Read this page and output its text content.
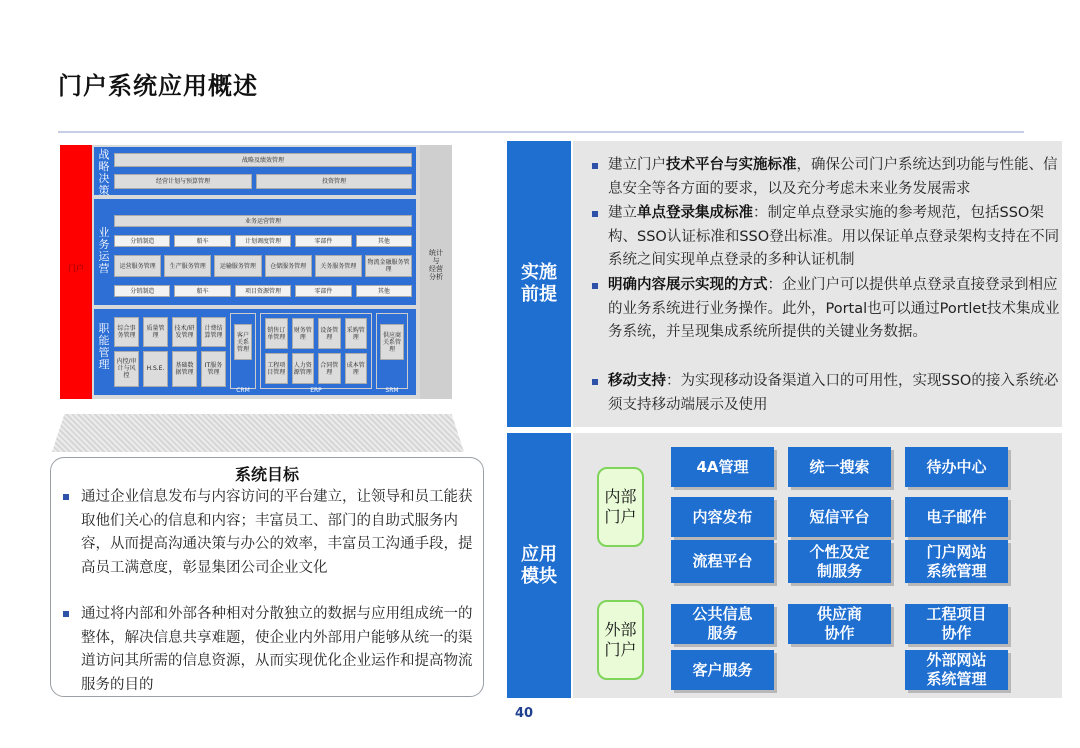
门户系统应用概述
门户
战略决策
战略及绩效管理
经营计划与预算管理	投资管理
业务运营
业务运营管理
分销制造	船车	计划调度管理	零部件	其他
运营服务管理	生产服务管理	运输服务管理	仓储服务管理	关务服务管理	物流金融服务管理
分销制造	船车	项目资源管理	零部件	其他
职能管理
综合事务管理
质量管理
技术/研发管理
计费结算管理
内控/审计与风控
H.S.E.	基础数据管理
IT服务管理
客户关系管理
销售订单管理
财务管理
设备管理
采购管理
工程项目管理
人力资源管理
合同管理
成本管理
供应商关系管理
CRM	ERP	SRM
统计
与
经营
分析
系统目标
通过企业信息发布与内容访问的平台建立，让领导和员工能获取他们关心的信息和内容；丰富员工、部门的自助式服务内容，从而提高沟通决策与办公的效率，丰富员工沟通手段，提高员工满意度，彰显集团公司企业文化
通过将内部和外部各种相对分散独立的数据与应用组成统一的整体，解决信息共享难题，使企业内外部用户能够从统一的渠道访问其所需的信息资源，从而实现优化企业运作和提高物流服务的目的
实施
前提
建立门户技术平台与实施标准，确保公司门户系统达到功能与性能、信息安全等各方面的要求，以及充分考虑未来业务发展需求
建立单点登录集成标准：制定单点登录实施的参考规范，包括SSO架构、SSO认证标准和SSO登出标准。用以保证单点登录架构支持在不同系统之间实现单点登录的多种认证机制
明确内容展示实现的方式：企业门户可以提供单点登录直接登录到相应的业务系统进行业务操作。此外，Portal也可以通过Portlet技术集成业务系统，并呈现集成系统所提供的关键业务数据。
移动支持：为实现移动设备渠道入口的可用性，实现SSO的接入系统必须支持移动端展示及使用
应用
模块
内部
门户
外部
门户
4A管理	统一搜索	待办中心
内容发布	短信平台	电子邮件
流程平台
个性及定
制服务
门户网站
系统管理
公共信息
服务
供应商
协作
工程项目
协作
客户服务
外部网站
系统管理
40
